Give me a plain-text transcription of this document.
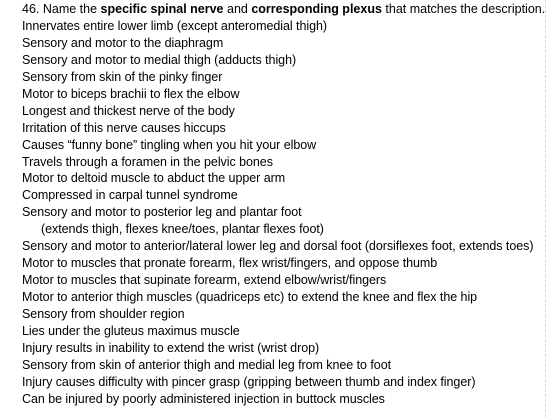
46. Name the specific spinal nerve and corresponding plexus that matches the description.
Innervates entire lower limb (except anteromedial thigh)
Sensory and motor to the diaphragm
Sensory and motor to medial thigh (adducts thigh)
Sensory from skin of the pinky finger
Motor to biceps brachii to flex the elbow
Longest and thickest nerve of the body
Irritation of this nerve causes hiccups
Causes “funny bone” tingling when you hit your elbow
Travels through a foramen in the pelvic bones
Motor to deltoid muscle to abduct the upper arm
Compressed in carpal tunnel syndrome
Sensory and motor to posterior leg and plantar foot
(extends thigh, flexes knee/toes, plantar flexes foot)
Sensory and motor to anterior/lateral lower leg and dorsal foot (dorsiflexes foot, extends toes)
Motor to muscles that pronate forearm, flex wrist/fingers, and oppose thumb
Motor to muscles that supinate forearm, extend elbow/wrist/fingers
Motor to anterior thigh muscles (quadriceps etc) to extend the knee and flex the hip
Sensory from shoulder region
Lies under the gluteus maximus muscle
Injury results in inability to extend the wrist (wrist drop)
Sensory from skin of anterior thigh and medial leg from knee to foot
Injury causes difficulty with pincer grasp (gripping between thumb and index finger)
Can be injured by poorly administered injection in buttock muscles
